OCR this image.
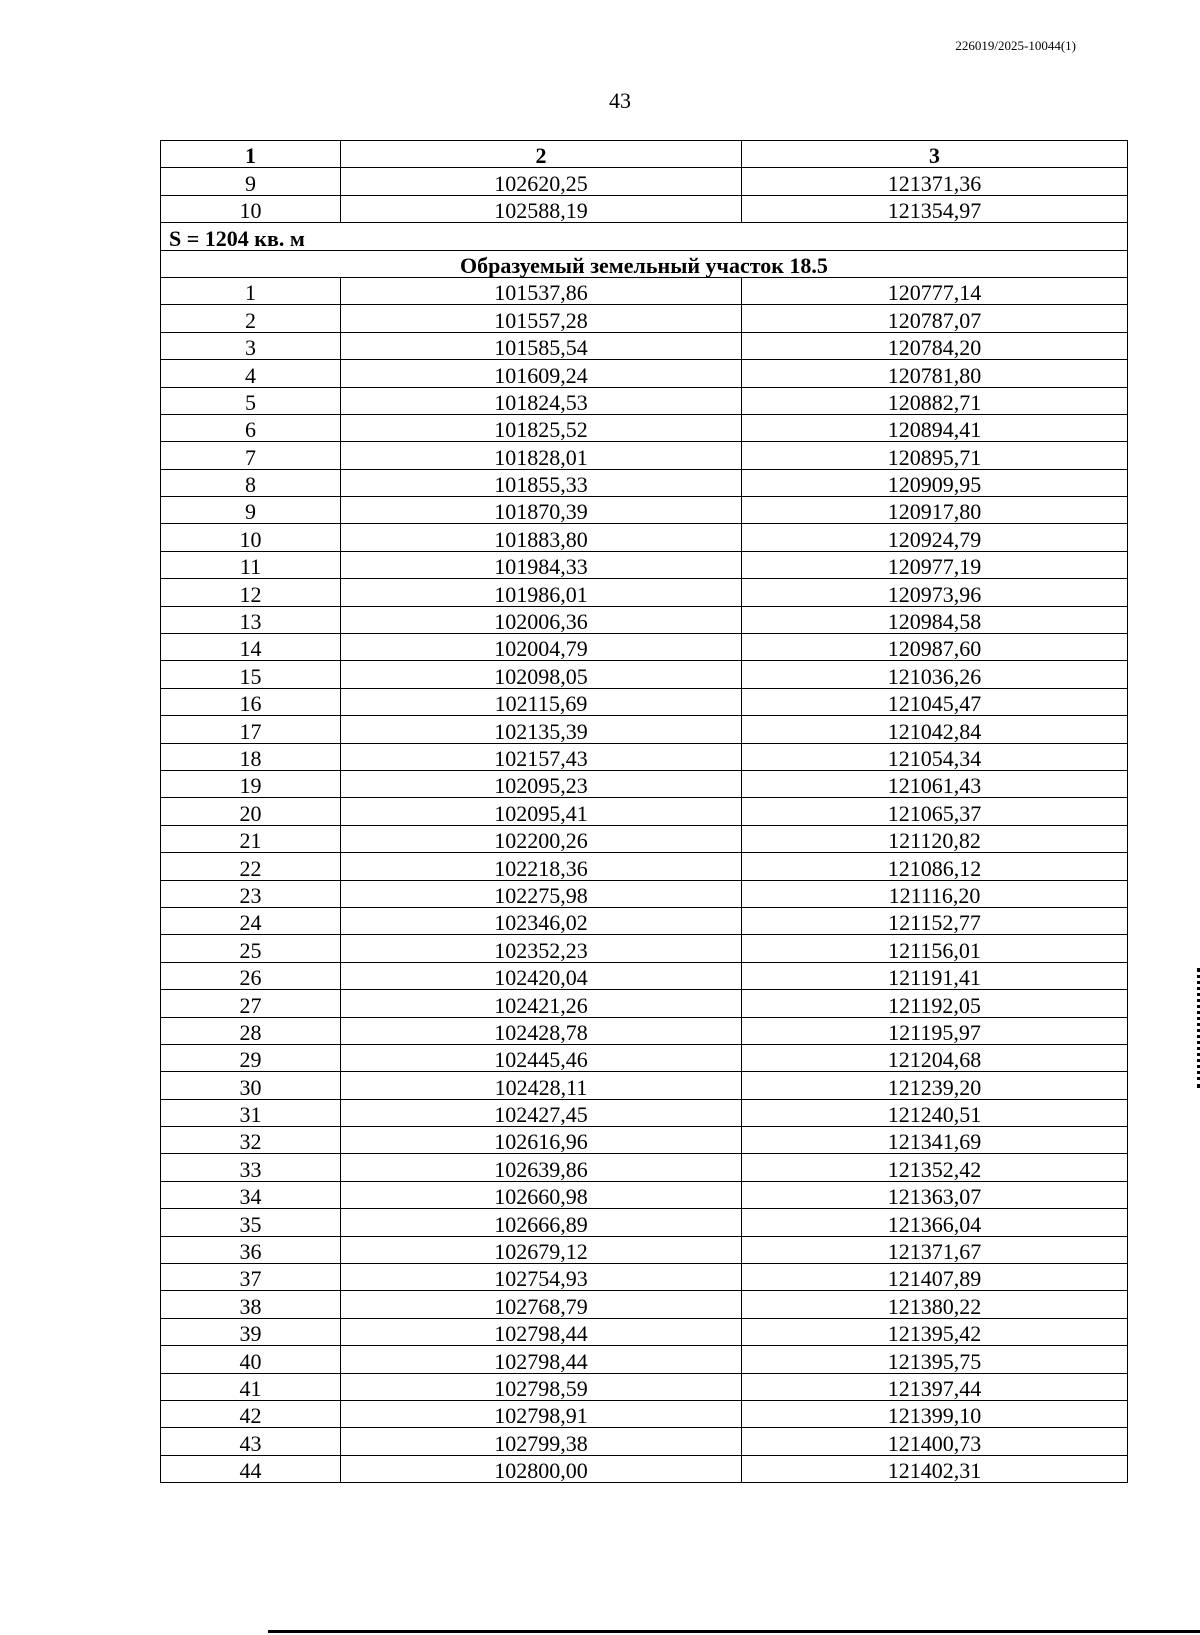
226019/2025-10044(1)
43
1	2	3
9	102620,25	121371,36
10	102588,19	121354,97
S = 1204 кв. м		
Образуемый земельный участок 18.5		
1	101537,86	120777,14
2	101557,28	120787,07
3	101585,54	120784,20
4	101609,24	120781,80
5	101824,53	120882,71
6	101825,52	120894,41
7	101828,01	120895,71
8	101855,33	120909,95
9	101870,39	120917,80
10	101883,80	120924,79
11	101984,33	120977,19
12	101986,01	120973,96
13	102006,36	120984,58
14	102004,79	120987,60
15	102098,05	121036,26
16	102115,69	121045,47
17	102135,39	121042,84
18	102157,43	121054,34
19	102095,23	121061,43
20	102095,41	121065,37
21	102200,26	121120,82
22	102218,36	121086,12
23	102275,98	121116,20
24	102346,02	121152,77
25	102352,23	121156,01
26	102420,04	121191,41
27	102421,26	121192,05
28	102428,78	121195,97
29	102445,46	121204,68
30	102428,11	121239,20
31	102427,45	121240,51
32	102616,96	121341,69
33	102639,86	121352,42
34	102660,98	121363,07
35	102666,89	121366,04
36	102679,12	121371,67
37	102754,93	121407,89
38	102768,79	121380,22
39	102798,44	121395,42
40	102798,44	121395,75
41	102798,59	121397,44
42	102798,91	121399,10
43	102799,38	121400,73
44	102800,00	121402,31
